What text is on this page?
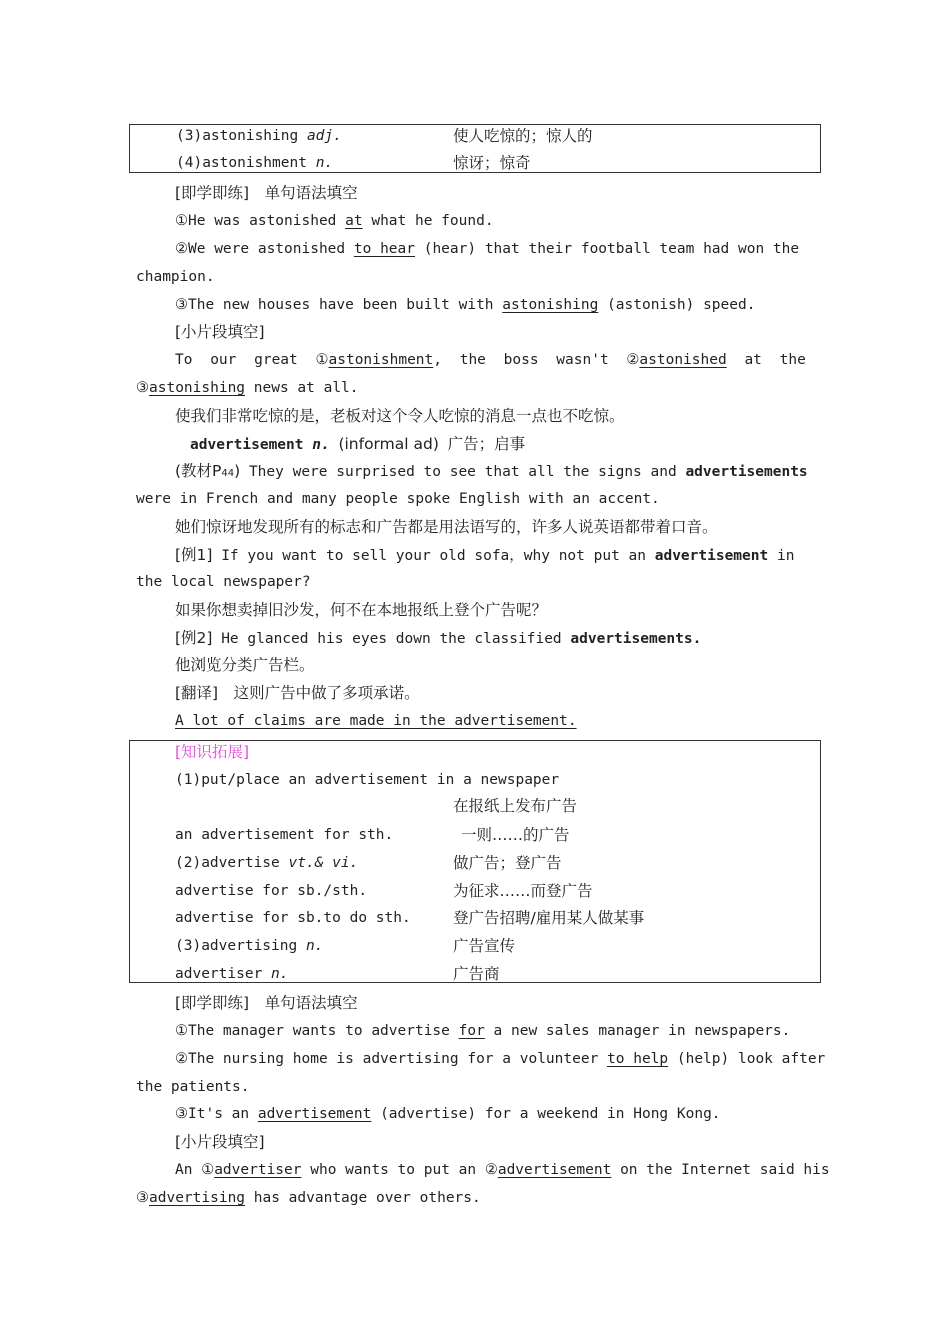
(3)astonishing adj.	使人吃惊的；惊人的
(4)astonishment n.	惊讶；惊奇
[即学即练]　单句语法填空
①He was astonished at what he found.
②We were astonished to hear (hear) that their football team had won the
champion.
③The new houses have been built with astonishing (astonish) speed.
[小片段填空]
To our great ①astonishment, the boss wasn't ②astonished at the
③astonishing news at all.
使我们非常吃惊的是，老板对这个令人吃惊的消息一点也不吃惊。
advertisement n. (informal ad) 广告；启事
(教材P44) They were surprised to see that all the signs and advertisements
were in French and many people spoke English with an accent.
她们惊讶地发现所有的标志和广告都是用法语写的，许多人说英语都带着口音。
[例1] If you want to sell your old sofa，why not put an advertisement in
the local newspaper?
如果你想卖掉旧沙发，何不在本地报纸上登个广告呢？
[例2] He glanced his eyes down the classified advertisements.
他浏览分类广告栏。
[翻译]　 这则广告中做了多项承诺。
A lot of claims are made in the advertisement.
[知识拓展]
(1)put/place an advertisement in a newspaper
在报纸上发布广告
an advertisement for sth.	一则……的广告
(2)advertise vt.& vi.	做广告；登广告
advertise for sb./sth.	为征求……而登广告
advertise for sb.to do sth.	登广告招聘/雇用某人做某事
(3)advertising n.	广告宣传
advertiser n.	广告商
[即学即练]　单句语法填空
①The manager wants to advertise for a new sales manager in newspapers.
②The nursing home is advertising for a volunteer to help (help) look after
the patients.
③It's an advertisement (advertise) for a weekend in Hong Kong.
[小片段填空]
An ①advertiser who wants to put an ②advertisement on the Internet said his
③advertising has advantage over others.
